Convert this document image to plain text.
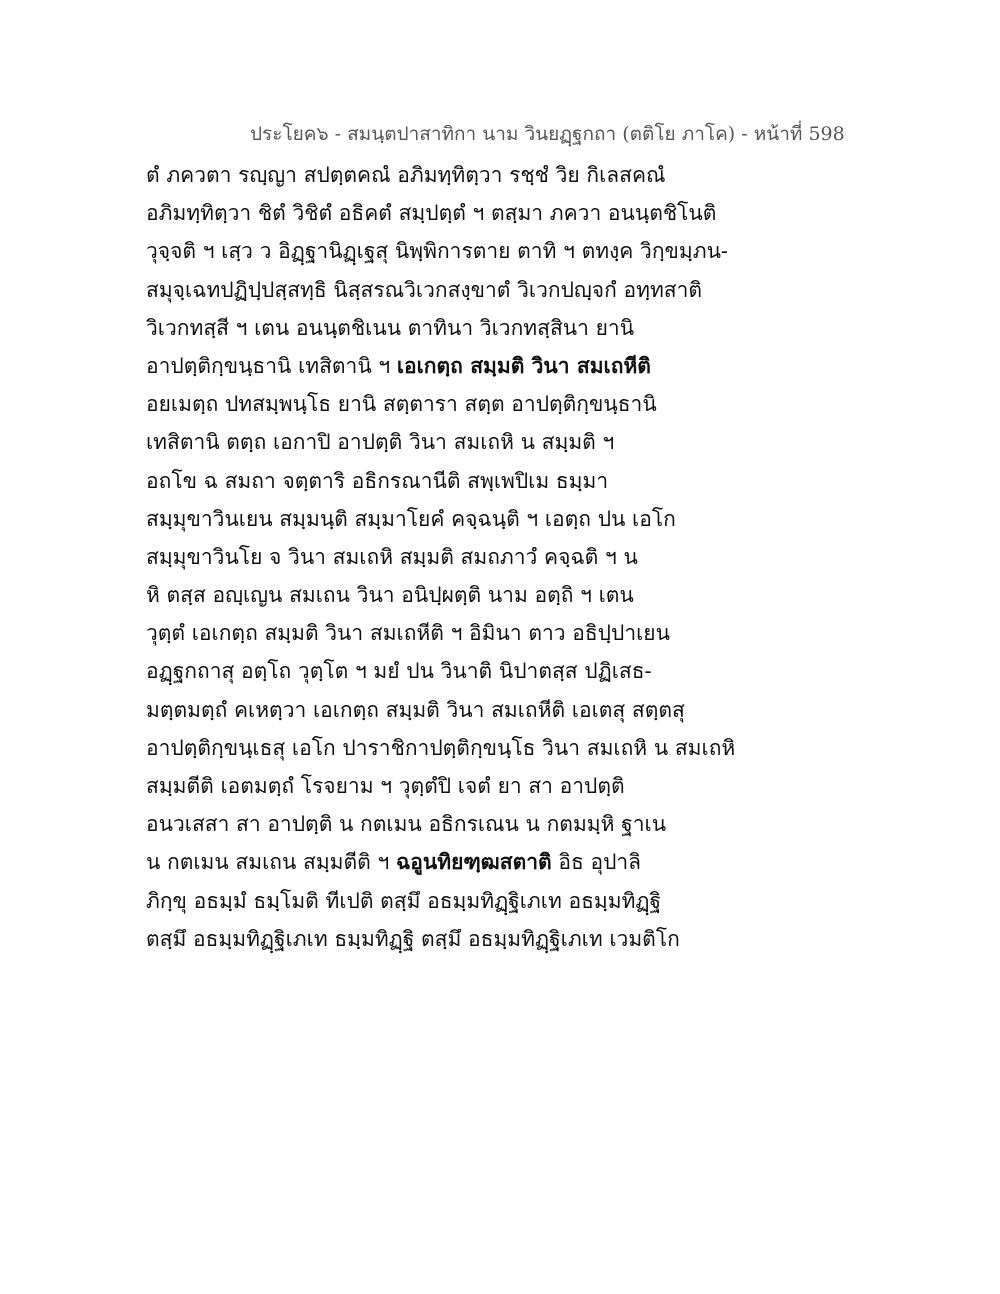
ประโยค๖ - สมนฺตปาสาทิกา นาม วินยฏฺฐกถา (ตติโย ภาโค) - หน้าที่ 598
ตํ ภควตา รญฺญา สปตฺตคณํ อภิมทฺทิตฺวา รชฺชํ วิย กิเลสคณํ
อภิมทฺทิตฺวา ชิตํ วิชิตํ อธิคตํ สมฺปตฺตํ ฯ ตสฺมา ภควา อนนฺตชิโนติ
วุจฺจติ ฯ เสฺว ว อิฏฺฐานิฏฺเฐสุ นิพฺพิการตาย ตาทิ ฯ ตทงฺค วิกฺขมฺภน-
สมุจฺเฉทปฏิปฺปสฺสทฺธิ นิสฺสรณวิเวกสงฺขาตํ วิเวกปญฺจกํ อทฺทสาติ
วิเวกทสฺสี ฯ เตน อนนฺตชิเนน ตาทินา วิเวกทสฺสินา ยานิ
อาปตฺติกฺขนฺธานิ เทสิตานิ ฯ เอเกตฺถ สมฺมติ วินา สมเถหีติ
อยเมตฺถ ปทสมฺพนฺโธ ยานิ สตฺตารา สตฺต อาปตฺติกฺขนฺธานิ
เทสิตานิ ตตฺถ เอกาปิ อาปตฺติ วินา สมเถหิ น สมฺมติ ฯ
อถโข ฉ สมถา จตฺตาริ อธิกรณานีติ สพฺเพปิเม ธมฺมา
สมฺมุขาวินเยน สมฺมนฺติ สมฺมาโยคํ คจฺฉนฺติ ฯ เอตฺถ ปน เอโก
สมฺมุขาวินโย จ วินา สมเถหิ สมฺมติ สมถภาวํ คจฺฉติ ฯ น
หิ ตสฺส อญฺเญน สมเถน วินา อนิปฺผตฺติ นาม อตฺถิ ฯ เตน
วุตฺตํ เอเกตฺถ สมฺมติ วินา สมเถหีติ ฯ อิมินา ตาว อธิปฺปาเยน
อฏฺฐกถาสุ อตฺโถ วุตฺโต ฯ มยํ ปน วินาติ นิปาตสฺส ปฏิเสธ-
มตฺตมตฺถํ คเหตฺวา เอเกตฺถ สมฺมติ วินา สมเถหีติ เอเตสุ สตฺตสุ
อาปตฺติกฺขนฺเธสุ เอโก ปาราชิกาปตฺติกฺขนฺโธ วินา สมเถหิ น สมเถหิ
สมฺมตีติ เอตมตฺถํ โรจยาม ฯ วุตฺตํปิ เจตํ ยา สา อาปตฺติ
อนวเสสา สา อาปตฺติ น กตเมน อธิกรเณน น กตมมฺหิ ฐาเน
น กตเมน สมเถน สมฺมตีติ ฯ ฉอูนทิยฑฺฒสตาติ อิธ อุปาลิ
ภิกฺขุ อธมฺมํ ธมฺโมติ ทีเปติ ตสฺมึ อธมฺมทิฏฺฐิเภเท อธมฺมทิฏฺฐิ
ตสฺมึ อธมฺมทิฏฺฐิเภเท ธมฺมทิฏฺฐิ ตสฺมึ อธมฺมทิฏฺฐิเภเท เวมติโก
